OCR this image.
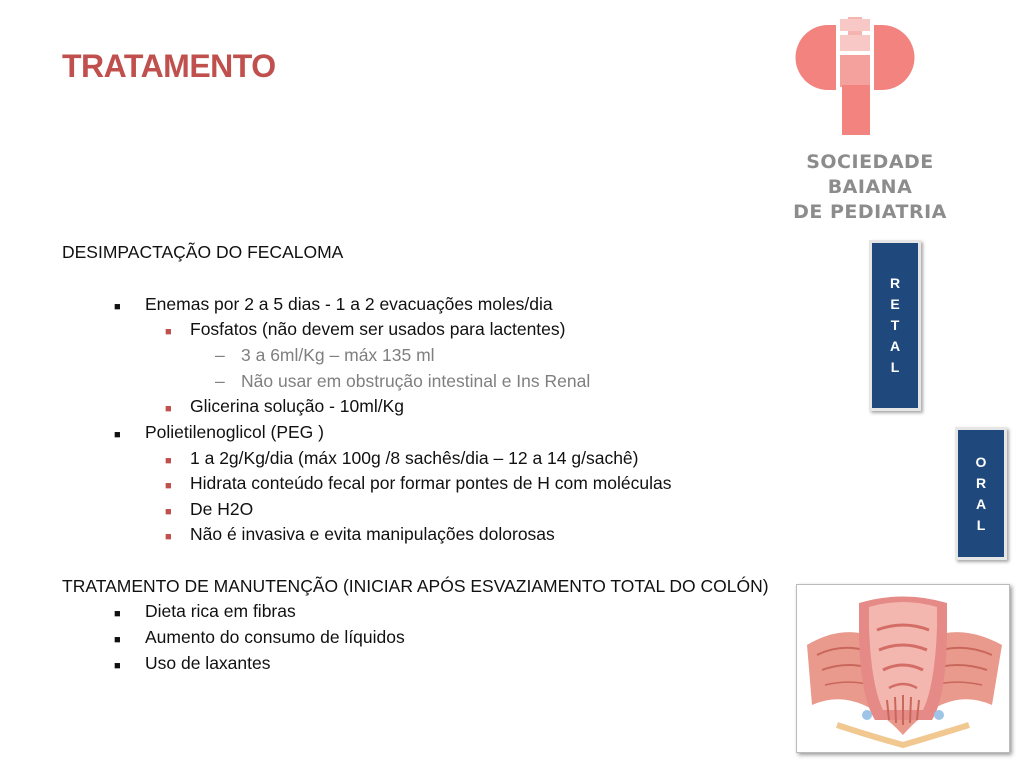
TRATAMENTO
SOCIEDADE
BAIANA
DE PEDIATRIA
DESIMPACTAÇÃO DO FECALOMA
■ Enemas por 2 a 5 dias - 1 a 2 evacuações moles/dia
■ Fosfatos (não devem ser usados para lactentes)
– 3 a 6ml/Kg – máx 135 ml
– Não usar em obstrução intestinal e Ins Renal
■ Glicerina solução - 10ml/Kg
■ Polietilenoglicol (PEG )
■ 1 a 2g/Kg/dia (máx 100g /8 sachês/dia – 12 a 14 g/sachê)
■ Hidrata conteúdo fecal por formar pontes de H com moléculas
■ De H2O
■ Não é invasiva e evita manipulações dolorosas
TRATAMENTO DE MANUTENÇÃO (INICIAR APÓS ESVAZIAMENTO TOTAL DO COLÓN)
■ Dieta rica em fibras
■ Aumento do consumo de líquidos
■ Uso de laxantes
R
E
T
A
L
O
R
A
L
